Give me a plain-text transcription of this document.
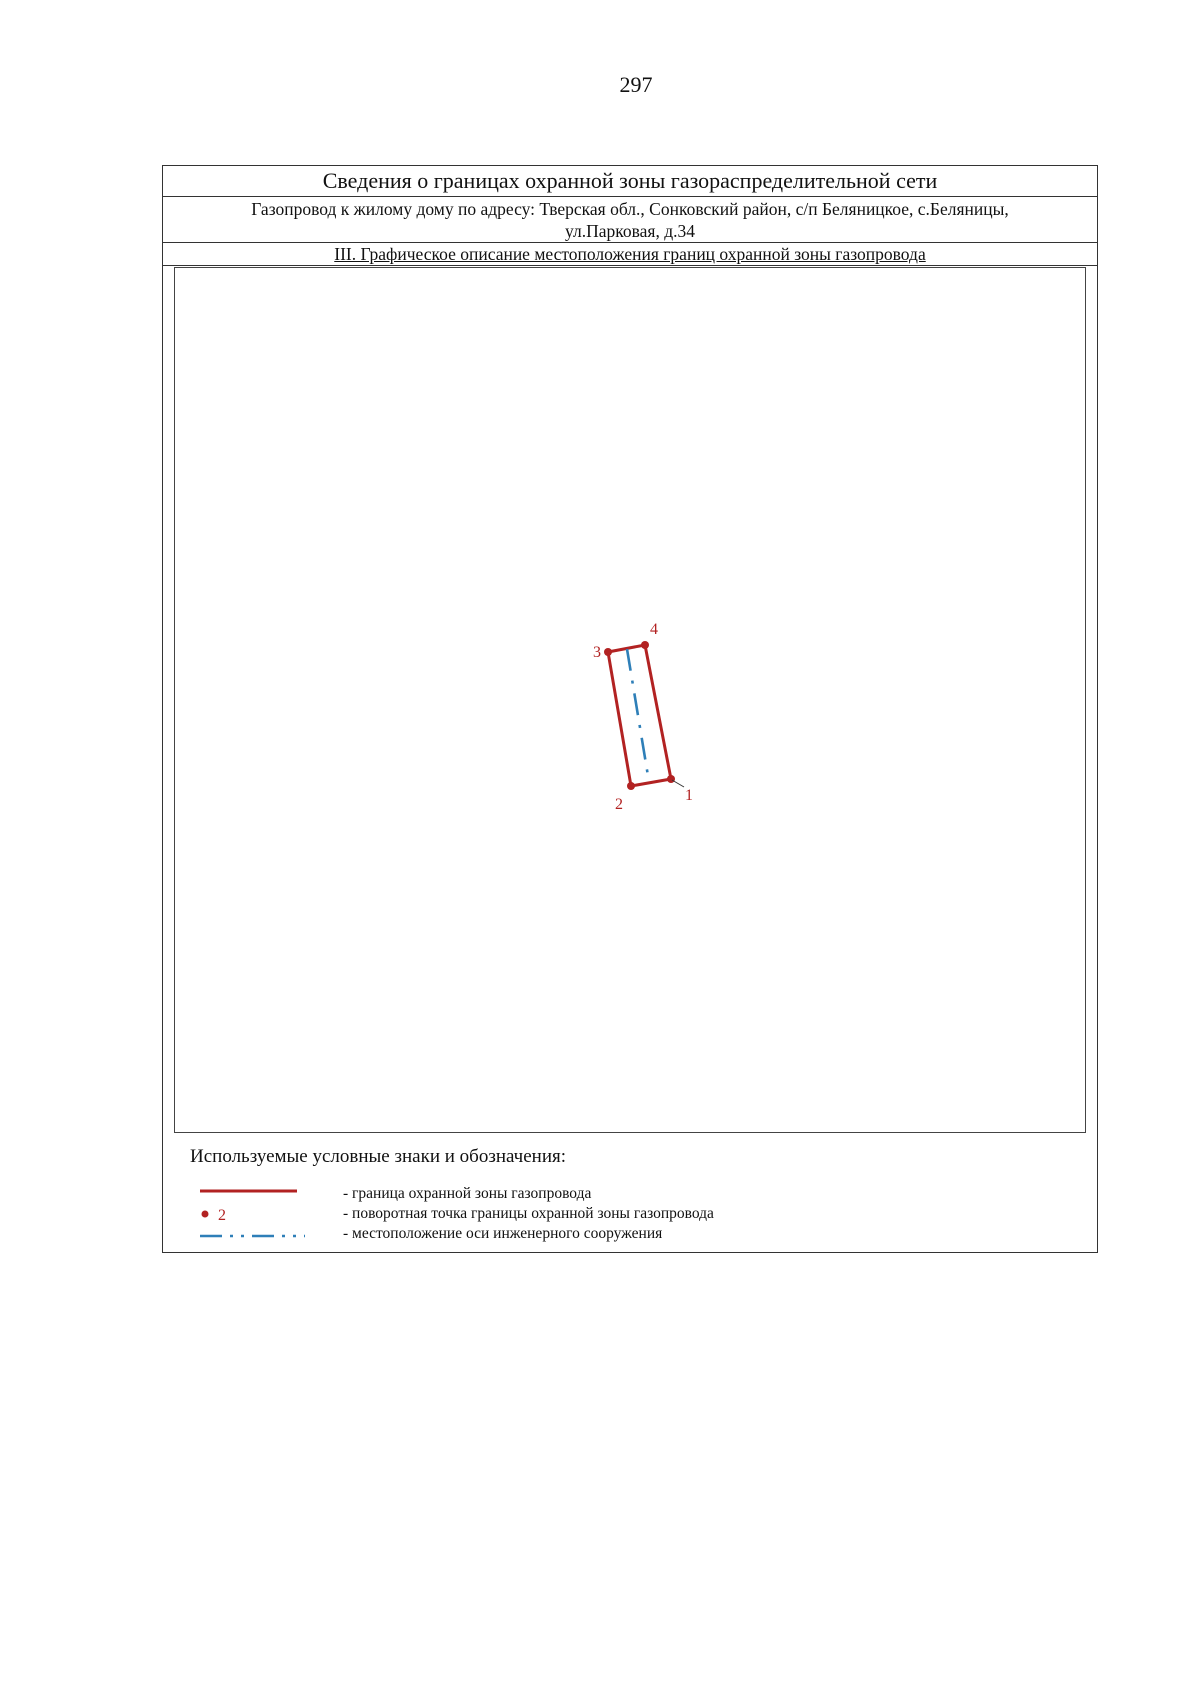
297
Сведения о границах охранной зоны газораспределительной сети
Газопровод к жилому дому по адресу: Тверская обл., Сонковский район, с/п Беляницкое, с.Беляницы,
ул.Парковая, д.34
III. Графическое описание местоположения границ охранной зоны газопровода
1
2
3
4
Используемые условные знаки и обозначения:
- граница охранной зоны газопровода
2	- поворотная точка границы охранной зоны газопровода
- местоположение оси инженерного сооружения
